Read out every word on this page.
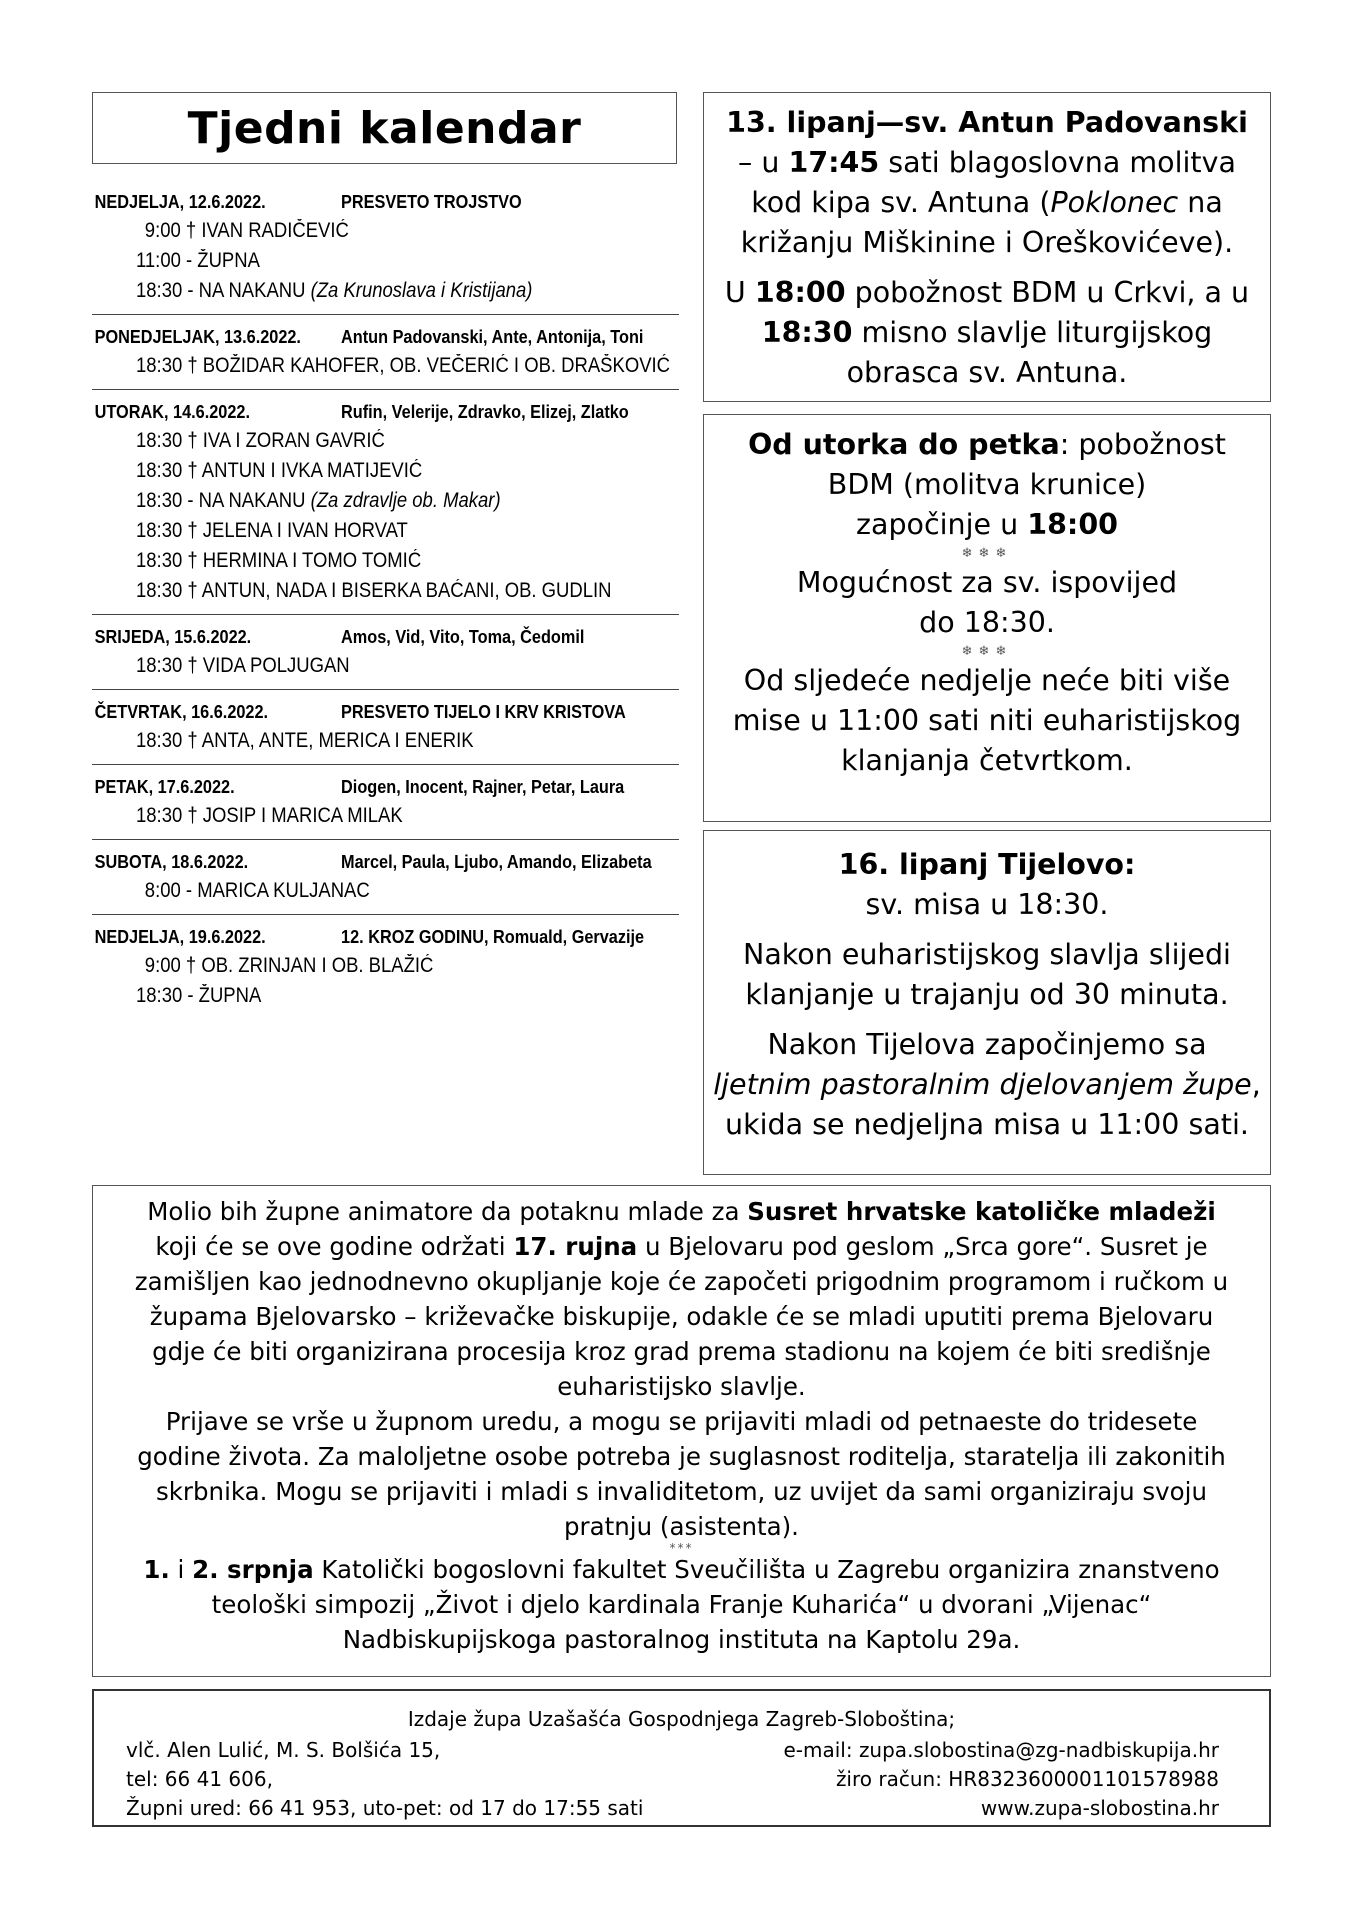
Tjedni kalendar
NEDJELJA, 12.6.2022.	PRESVETO TROJSTVO
9:00 † IVAN RADIČEVIĆ
11:00 - ŽUPNA
18:30 - NA NAKANU (Za Krunoslava i Kristijana)
PONEDJELJAK, 13.6.2022.	Antun Padovanski, Ante, Antonija, Toni
18:30 † BOŽIDAR KAHOFER, OB. VEČERIĆ I OB. DRAŠKOVIĆ
UTORAK, 14.6.2022.	Rufin, Velerije, Zdravko, Elizej, Zlatko
18:30 † IVA I ZORAN GAVRIĆ
18:30 † ANTUN I IVKA MATIJEVIĆ
18:30 - NA NAKANU (Za zdravlje ob. Makar)
18:30 † JELENA I IVAN HORVAT
18:30 † HERMINA I TOMO TOMIĆ
18:30 † ANTUN, NADA I BISERKA BAĆANI, OB. GUDLIN
SRIJEDA, 15.6.2022.	Amos, Vid, Vito, Toma, Čedomil
18:30 † VIDA POLJUGAN
ČETVRTAK, 16.6.2022.	PRESVETO TIJELO I KRV KRISTOVA
18:30 † ANTA, ANTE, MERICA I ENERIK
PETAK, 17.6.2022.	Diogen, Inocent, Rajner, Petar, Laura
18:30 † JOSIP I MARICA MILAK
SUBOTA, 18.6.2022.	Marcel, Paula, Ljubo, Amando, Elizabeta
8:00 - MARICA KULJANAC
NEDJELJA, 19.6.2022.	12. KROZ GODINU, Romuald, Gervazije
9:00 † OB. ZRINJAN I OB. BLAŽIĆ
18:30 - ŽUPNA
13. lipanj—sv. Antun Padovanski
– u 17:45 sati blagoslovna molitva
kod kipa sv. Antuna (Poklonec na
križanju Miškinine i Oreškovićeve).
U 18:00 pobožnost BDM u Crkvi, a u
18:30 misno slavlje liturgijskog
obrasca sv. Antuna.
Od utorka do petka: pobožnost
BDM (molitva krunice)
započinje u 18:00
❄❄❄
Mogućnost za sv. ispovijed
do 18:30.
❄❄❄
Od sljedeće nedjelje neće biti više
mise u 11:00 sati niti euharistijskog
klanjanja četvrtkom.
16. lipanj Tijelovo:
sv. misa u 18:30.
Nakon euharistijskog slavlja slijedi
klanjanje u trajanju od 30 minuta.
Nakon Tijelova započinjemo sa
ljetnim pastoralnim djelovanjem župe,
ukida se nedjeljna misa u 11:00 sati.
Molio bih župne animatore da potaknu mlade za Susret hrvatske katoličke mladeži
koji će se ove godine održati 17. rujna u Bjelovaru pod geslom „Srca gore“. Susret je
zamišljen kao jednodnevno okupljanje koje će započeti prigodnim programom i ručkom u
župama Bjelovarsko – križevačke biskupije, odakle će se mladi uputiti prema Bjelovaru
gdje će biti organizirana procesija kroz grad prema stadionu na kojem će biti središnje
euharistijsko slavlje.
Prijave se vrše u župnom uredu, a mogu se prijaviti mladi od petnaeste do tridesete
godine života. Za maloljetne osobe potreba je suglasnost roditelja, staratelja ili zakonitih
skrbnika. Mogu se prijaviti i mladi s invaliditetom, uz uvijet da sami organiziraju svoju
pratnju (asistenta).
***
1. i 2. srpnja Katolički bogoslovni fakultet Sveučilišta u Zagrebu organizira znanstveno
teološki simpozij „Život i djelo kardinala Franje Kuharića“ u dvorani „Vijenac“
Nadbiskupijskoga pastoralnog instituta na Kaptolu 29a.
Izdaje župa Uzašašća Gospodnjega Zagreb-Sloboština;
vlč. Alen Lulić, M. S. Bolšića 15,	e-mail: zupa.slobostina@zg-nadbiskupija.hr
tel: 66 41 606,	žiro račun: HR8323600001101578988
Župni ured: 66 41 953, uto-pet: od 17 do 17:55 sati	www.zupa-slobostina.hr
